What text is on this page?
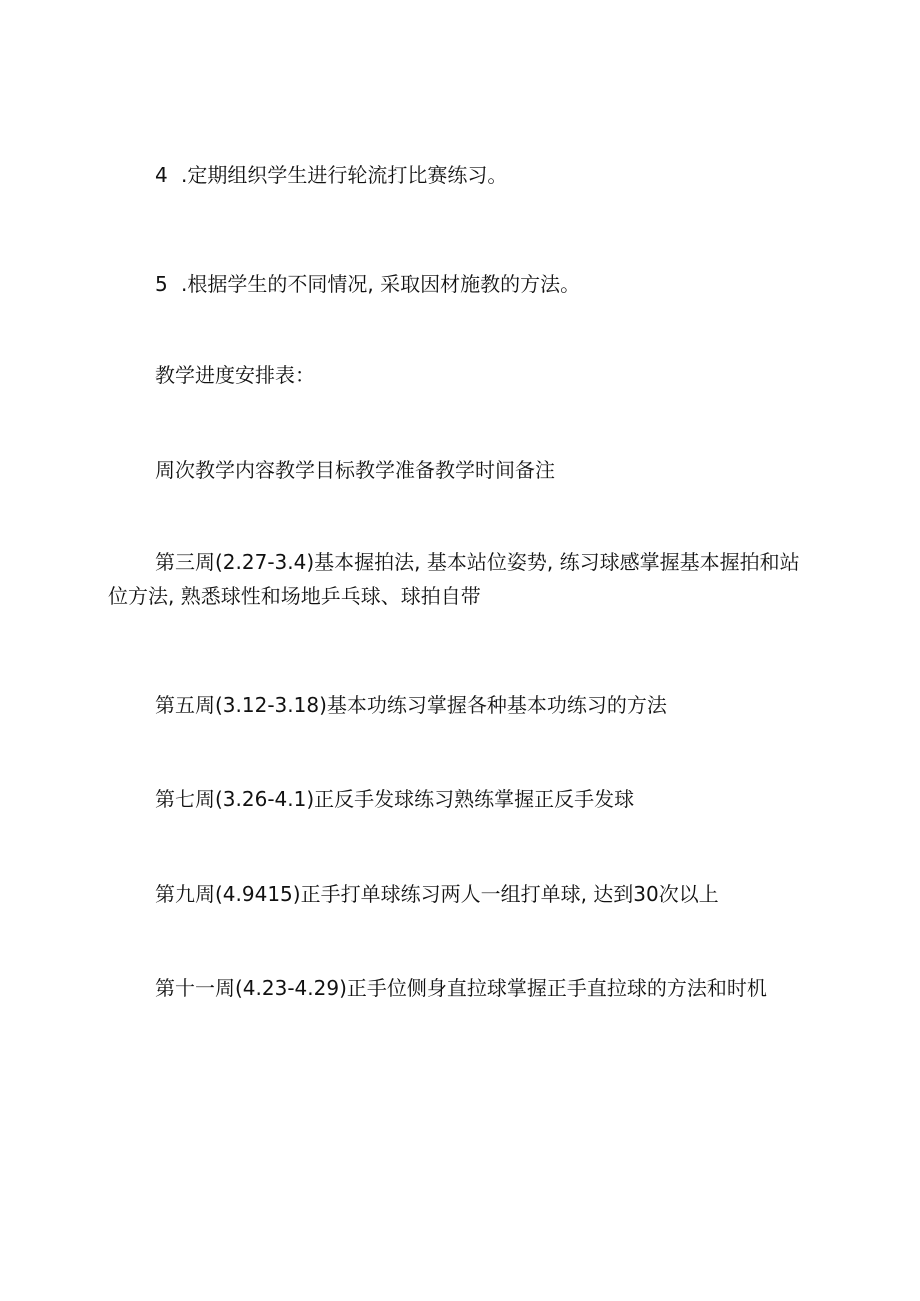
4 .定期组织学生进行轮流打比赛练习。

5 .根据学生的不同情况, 采取因材施教的方法。

教学进度安排表：

周次教学内容教学目标教学准备教学时间备注

第三周(2.27-3.4)基本握拍法, 基本站位姿势, 练习球感掌握基本握拍和站位方法, 熟悉球性和场地乒乓球、球拍自带

第五周(3.12-3.18)基本功练习掌握各种基本功练习的方法

第七周(3.26-4.1)正反手发球练习熟练掌握正反手发球

第九周(4.9415)正手打单球练习两人一组打单球, 达到30次以上

第十一周(4.23-4.29)正手位侧身直拉球掌握正手直拉球的方法和时机
